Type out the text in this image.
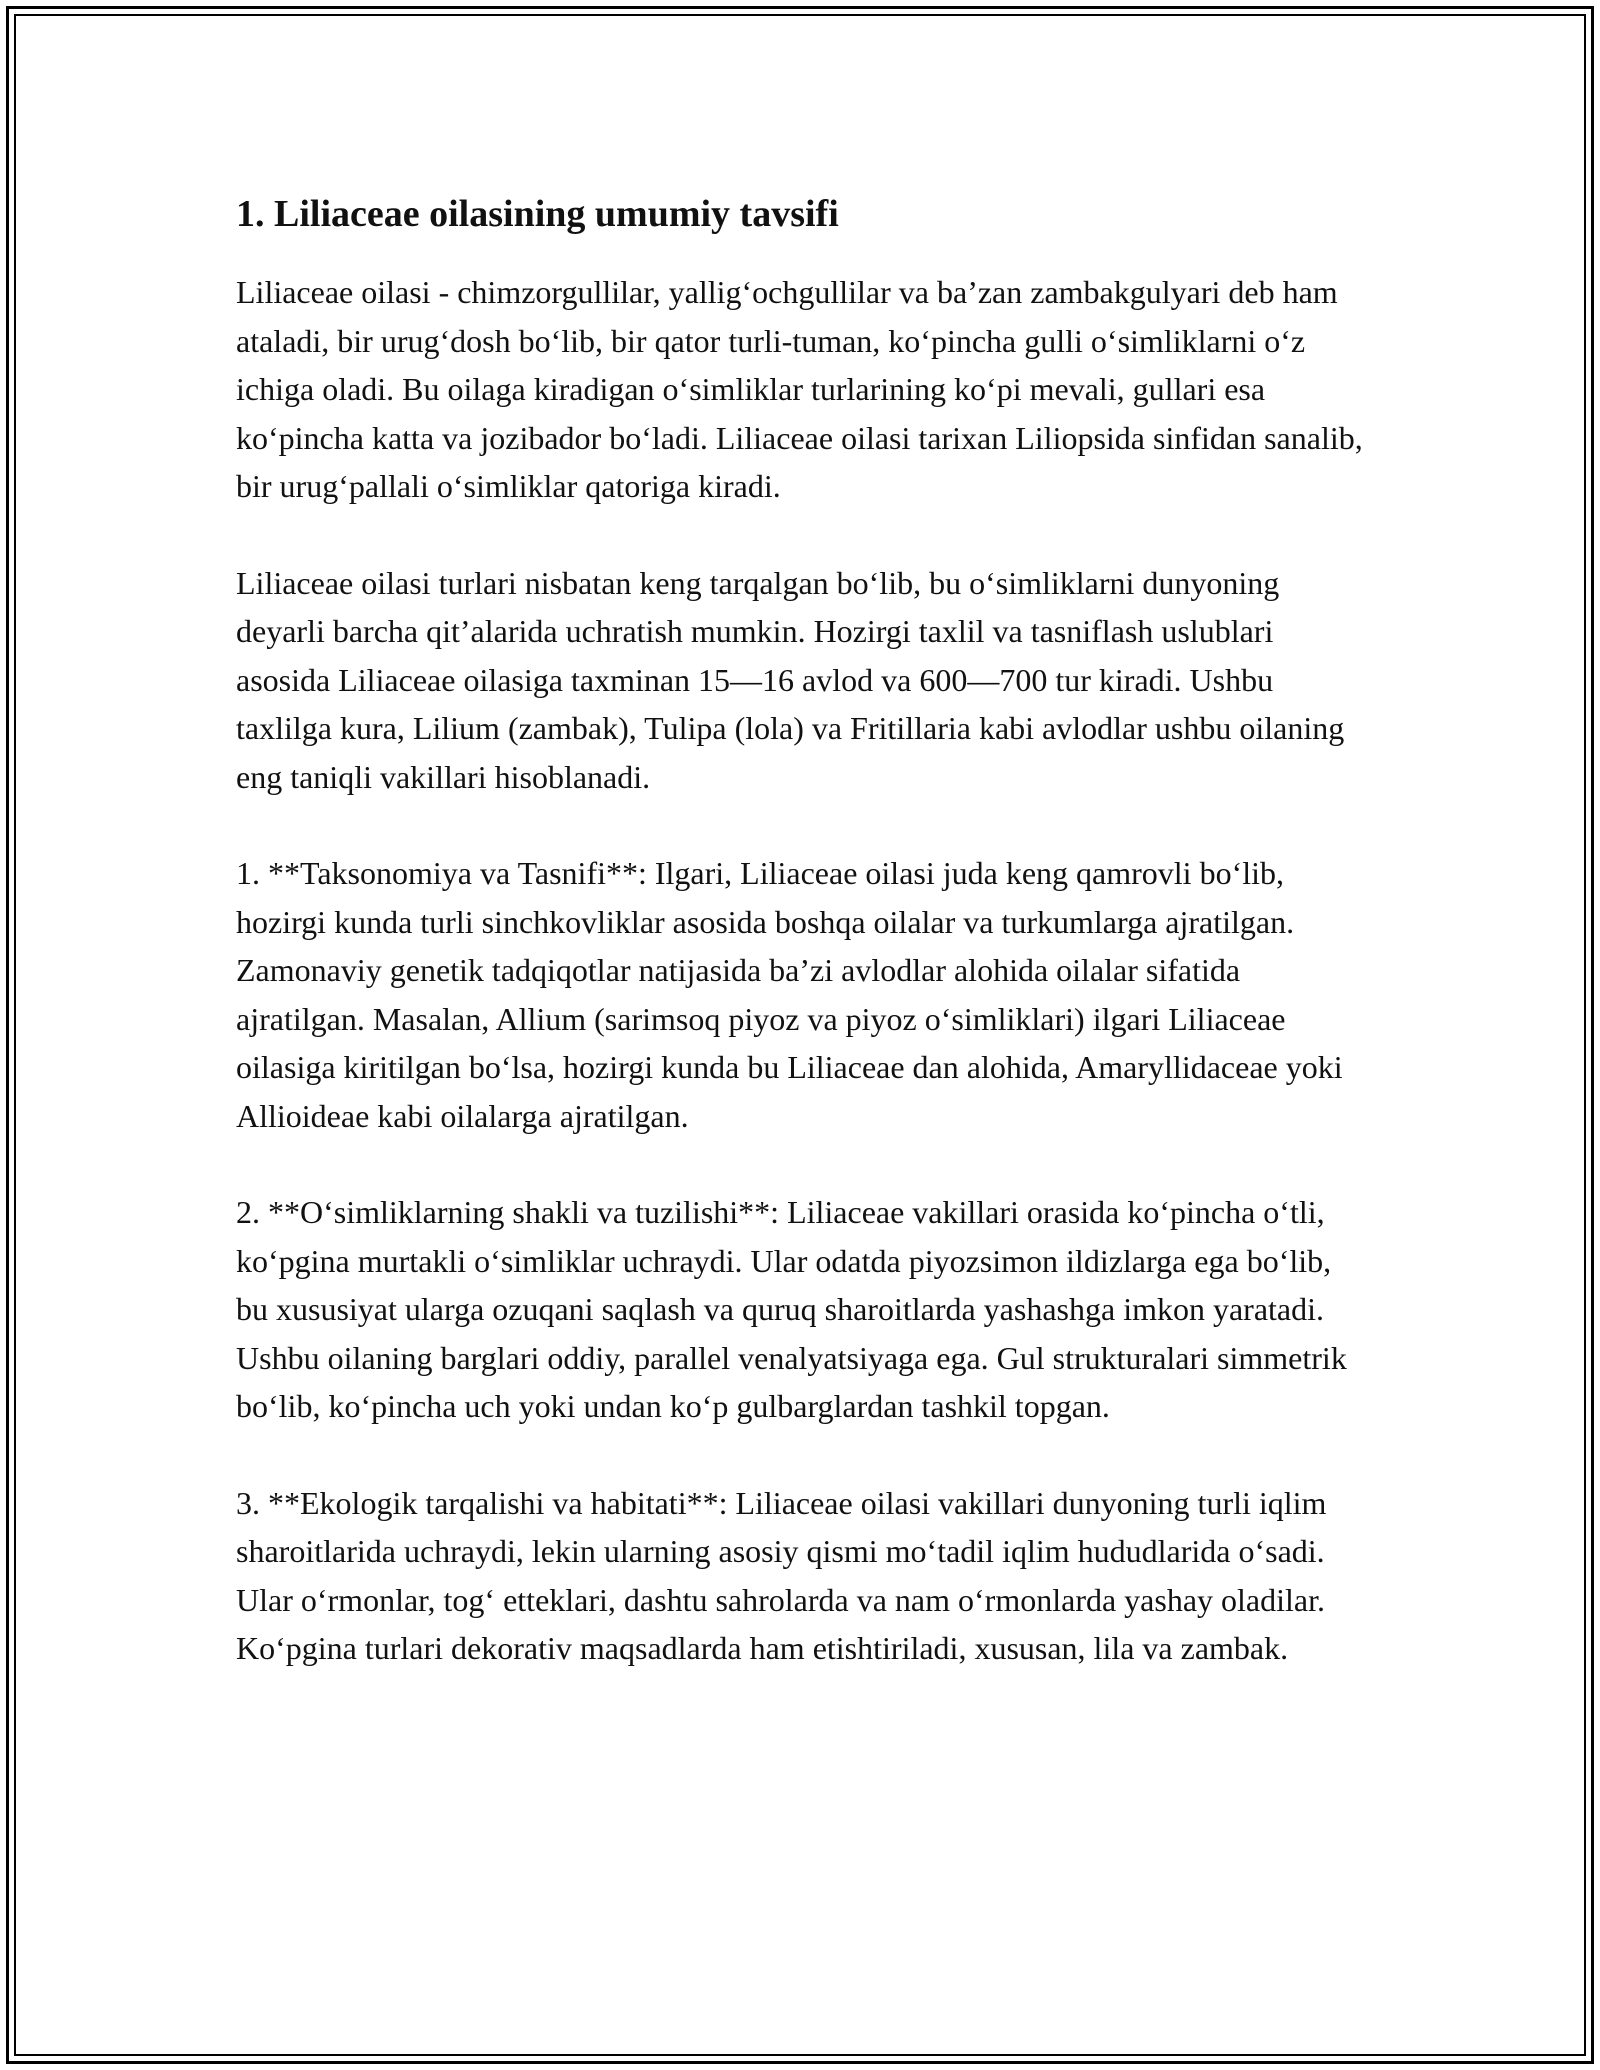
1. Liliaceae oilasining umumiy tavsifi

Liliaceae oilasi - chimzorgullilar, yallig‘ochgullilar va ba’zan zambakgulyari deb ham ataladi, bir urug‘dosh bo‘lib, bir qator turli-tuman, ko‘pincha gulli o‘simliklarni o‘z ichiga oladi. Bu oilaga kiradigan o‘simliklar turlarining ko‘pi mevali, gullari esa ko‘pincha katta va jozibador bo‘ladi. Liliaceae oilasi tarixan Liliopsida sinfidan sanalib, bir urug‘pallali o‘simliklar qatoriga kiradi.

Liliaceae oilasi turlari nisbatan keng tarqalgan bo‘lib, bu o‘simliklarni dunyoning deyarli barcha qit’alarida uchratish mumkin. Hozirgi taxlil va tasniflash uslublari asosida Liliaceae oilasiga taxminan 15—16 avlod va 600—700 tur kiradi. Ushbu taxlilga kura, Lilium (zambak), Tulipa (lola) va Fritillaria kabi avlodlar ushbu oilaning eng taniqli vakillari hisoblanadi.

1. **Taksonomiya va Tasnifi**: Ilgari, Liliaceae oilasi juda keng qamrovli bo‘lib, hozirgi kunda turli sinchkovliklar asosida boshqa oilalar va turkumlarga ajratilgan. Zamonaviy genetik tadqiqotlar natijasida ba’zi avlodlar alohida oilalar sifatida ajratilgan. Masalan, Allium (sarimsoq piyoz va piyoz o‘simliklari) ilgari Liliaceae oilasiga kiritilgan bo‘lsa, hozirgi kunda bu Liliaceae dan alohida, Amaryllidaceae yoki Allioideae kabi oilalarga ajratilgan.

2. **O‘simliklarning shakli va tuzilishi**: Liliaceae vakillari orasida ko‘pincha o‘tli, ko‘pgina murtakli o‘simliklar uchraydi. Ular odatda piyozsimon ildizlarga ega bo‘lib, bu xususiyat ularga ozuqani saqlash va quruq sharoitlarda yashashga imkon yaratadi. Ushbu oilaning barglari oddiy, parallel venalyatsiyaga ega. Gul strukturalari simmetrik bo‘lib, ko‘pincha uch yoki undan ko‘p gulbarglardan tashkil topgan.

3. **Ekologik tarqalishi va habitati**: Liliaceae oilasi vakillari dunyoning turli iqlim sharoitlarida uchraydi, lekin ularning asosiy qismi mo‘tadil iqlim hududlarida o‘sadi. Ular o‘rmonlar, tog‘ etteklari, dashtu sahrolarda va nam o‘rmonlarda yashay oladilar. Ko‘pgina turlari dekorativ maqsadlarda ham etishtiriladi, xususan, lila va zambak.
